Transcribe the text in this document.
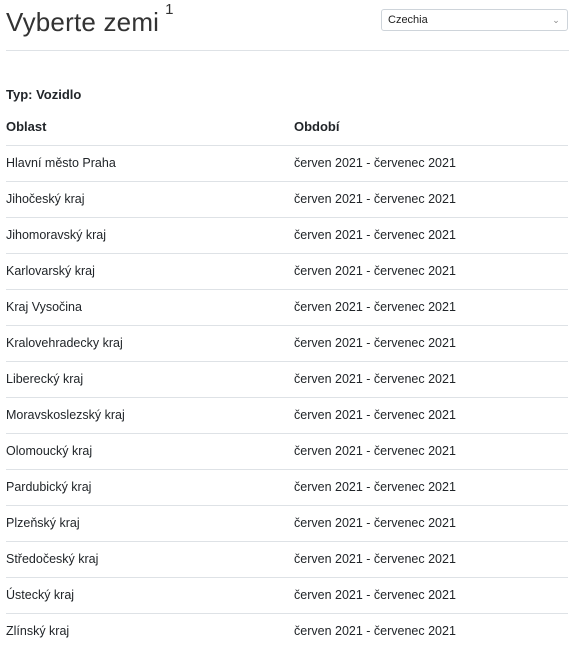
Vyberte zemi $^1$
Czechia	⌄
Typ: Vozidlo
Oblast	Období
Hlavní město Praha	červen 2021 - červenec 2021
Jihočeský kraj	červen 2021 - červenec 2021
Jihomoravský kraj	červen 2021 - červenec 2021
Karlovarský kraj	červen 2021 - červenec 2021
Kraj Vysočina	červen 2021 - červenec 2021
Kralovehradecky kraj	červen 2021 - červenec 2021
Liberecký kraj	červen 2021 - červenec 2021
Moravskoslezský kraj	červen 2021 - červenec 2021
Olomoucký kraj	červen 2021 - červenec 2021
Pardubický kraj	červen 2021 - červenec 2021
Plzeňský kraj	červen 2021 - červenec 2021
Středočeský kraj	červen 2021 - červenec 2021
Ústecký kraj	červen 2021 - červenec 2021
Zlínský kraj	červen 2021 - červenec 2021
